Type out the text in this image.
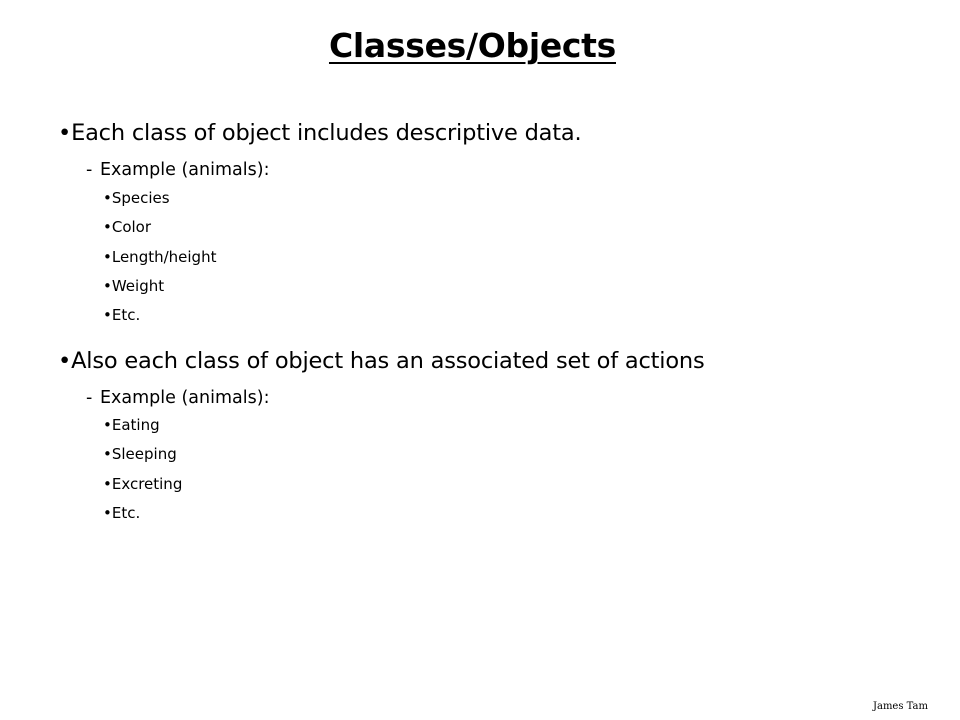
Classes/Objects
•Each class of object includes descriptive data.
- Example (animals):
•Species
•Color
•Length/height
•Weight
•Etc.
•Also each class of object has an associated set of actions
- Example (animals):
•Eating
•Sleeping
•Excreting
•Etc.
James Tam
